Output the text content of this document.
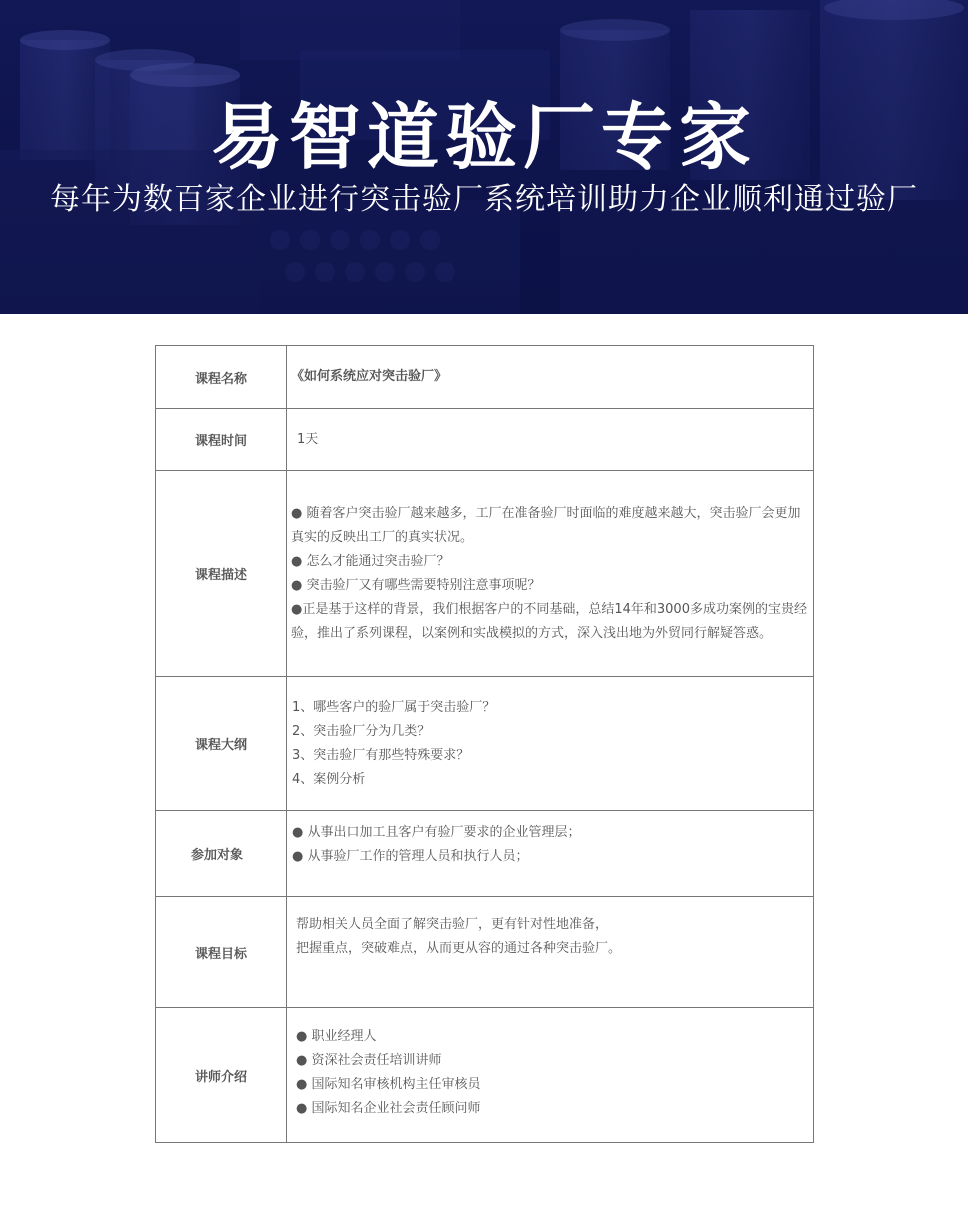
易智道验厂专家
每年为数百家企业进行突击验厂系统培训助力企业顺利通过验厂
课程名称	《如何系统应对突击验厂》

课程时间	1天

课程描述	● 随着客户突击验厂越来越多，工厂在准备验厂时面临的难度越来越大，突击验厂会更加真实的反映出工厂的真实状况。
● 怎么才能通过突击验厂？
● 突击验厂又有哪些需要特别注意事项呢？
●正是基于这样的背景，我们根据客户的不同基础，总结14年和3000多成功案例的宝贵经验，推出了系列课程，以案例和实战模拟的方式，深入浅出地为外贸同行解疑答惑。

课程大纲	1、哪些客户的验厂属于突击验厂？
2、突击验厂分为几类？
3、突击验厂有那些特殊要求？
4、案例分析

参加对象	● 从事出口加工且客户有验厂要求的企业管理层；
● 从事验厂工作的管理人员和执行人员；

课程目标	帮助相关人员全面了解突击验厂，更有针对性地准备，
把握重点，突破难点，从而更从容的通过各种突击验厂。

讲师介绍	● 职业经理人
● 资深社会责任培训讲师
● 国际知名审核机构主任审核员
● 国际知名企业社会责任顾问师
